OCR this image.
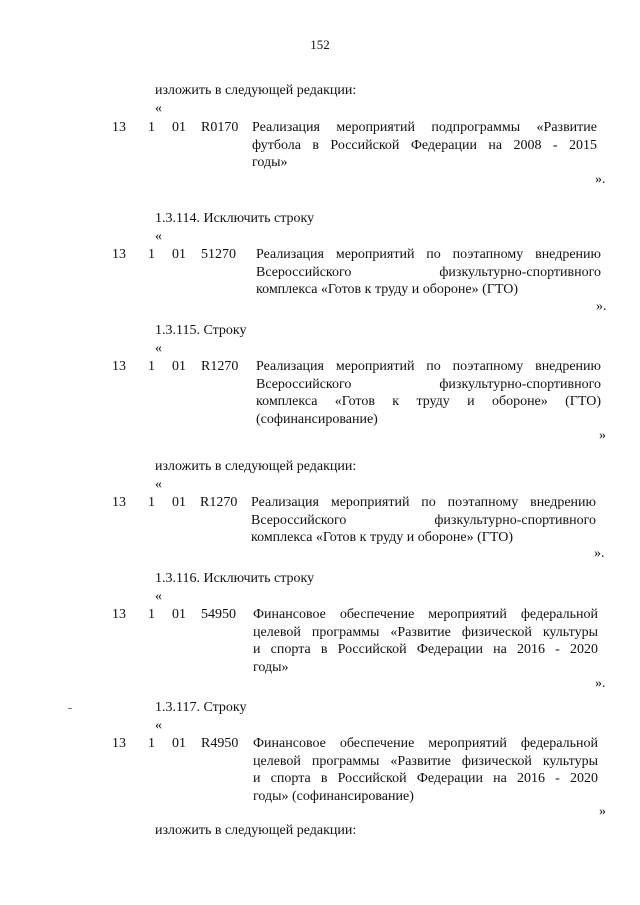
152

изложить в следующей редакции:

«

13 1 01 R0170 Реализация мероприятий подпрограммы «Развитие
футбола в Российской Федерации на 2008 - 2015
годы»

».

1.3.114. Исключить строку

«

13 1 01 51270 Реализация мероприятий по поэтапному внедрению
Всероссийского физкультурно-спортивного
комплекса «Готов к труду и обороне» (ГТО)

».

1.3.115. Строку

«

13 1 01 R1270 Реализация мероприятий по поэтапному внедрению
Всероссийского физкультурно-спортивного
комплекса «Готов к труду и обороне» (ГТО)
(софинансирование)

»

изложить в следующей редакции:

«

13 1 01 R1270 Реализация мероприятий по поэтапному внедрению
Всероссийского физкультурно-спортивного
комплекса «Готов к труду и обороне» (ГТО)

».

1.3.116. Исключить строку

«

13 1 01 54950 Финансовое обеспечение мероприятий федеральной
целевой программы «Развитие физической культуры
и спорта в Российской Федерации на 2016 - 2020
годы»

».

1.3.117. Строку

«

13 1 01 R4950 Финансовое обеспечение мероприятий федеральной
целевой программы «Развитие физической культуры
и спорта в Российской Федерации на 2016 - 2020
годы» (софинансирование)

»

изложить в следующей редакции:
